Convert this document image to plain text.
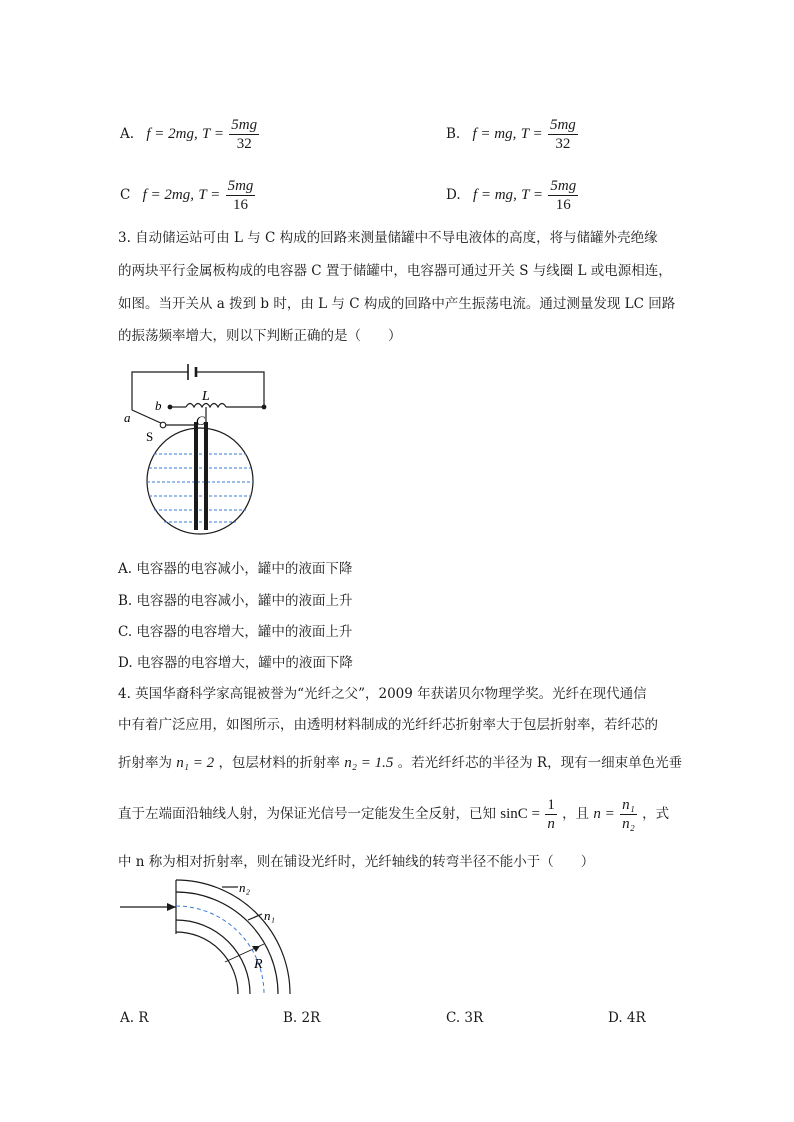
A. f = 2mg, $T = \frac{5mg}{32}$	B. f = mg, $T = \frac{5mg}{32}$
C f = 2mg, $T = \frac{5mg}{16}$	D. f = mg, $T = \frac{5mg}{16}$
3. 自动储运站可由 L 与 C 构成的回路来测量储罐中不导电液体的高度，将与储罐外壳绝缘
的两块平行金属板构成的电容器 C 置于储罐中，电容器可通过开关 S 与线圈 L 或电源相连，
如图。当开关从 a 拨到 b 时，由 L 与 C 构成的回路中产生振荡电流。通过测量发现 LC 回路
的振荡频率增大，则以下判断正确的是（　　）
L
C
b
a
S
A. 电容器的电容减小，罐中的液面下降
B. 电容器的电容减小，罐中的液面上升
C. 电容器的电容增大，罐中的液面上升
D. 电容器的电容增大，罐中的液面下降
4. 英国华裔科学家高锟被誉为“光纤之父”，2009 年获诺贝尔物理学奖。光纤在现代通信
中有着广泛应用，如图所示，由透明材料制成的光纤纤芯折射率大于包层折射率，若纤芯的
折射率为 n₁ = 2 ，包层材料的折射率 n₂ = 1.5 。若光纤纤芯的半径为 R，现有一细束单色光垂
直于左端面沿轴线人射，为保证光信号一定能发生全反射，已知 $\sin C = \frac{1}{n}$ ，且 $n = \frac{\text{n₁}}{\text{n₂}}$ ，式
中 n 称为相对折射率，则在铺设光纤时，光纤轴线的转弯半径不能小于（　　）
n₂
n₁
R
A. R	B. 2R	C. 3R	D. 4R
